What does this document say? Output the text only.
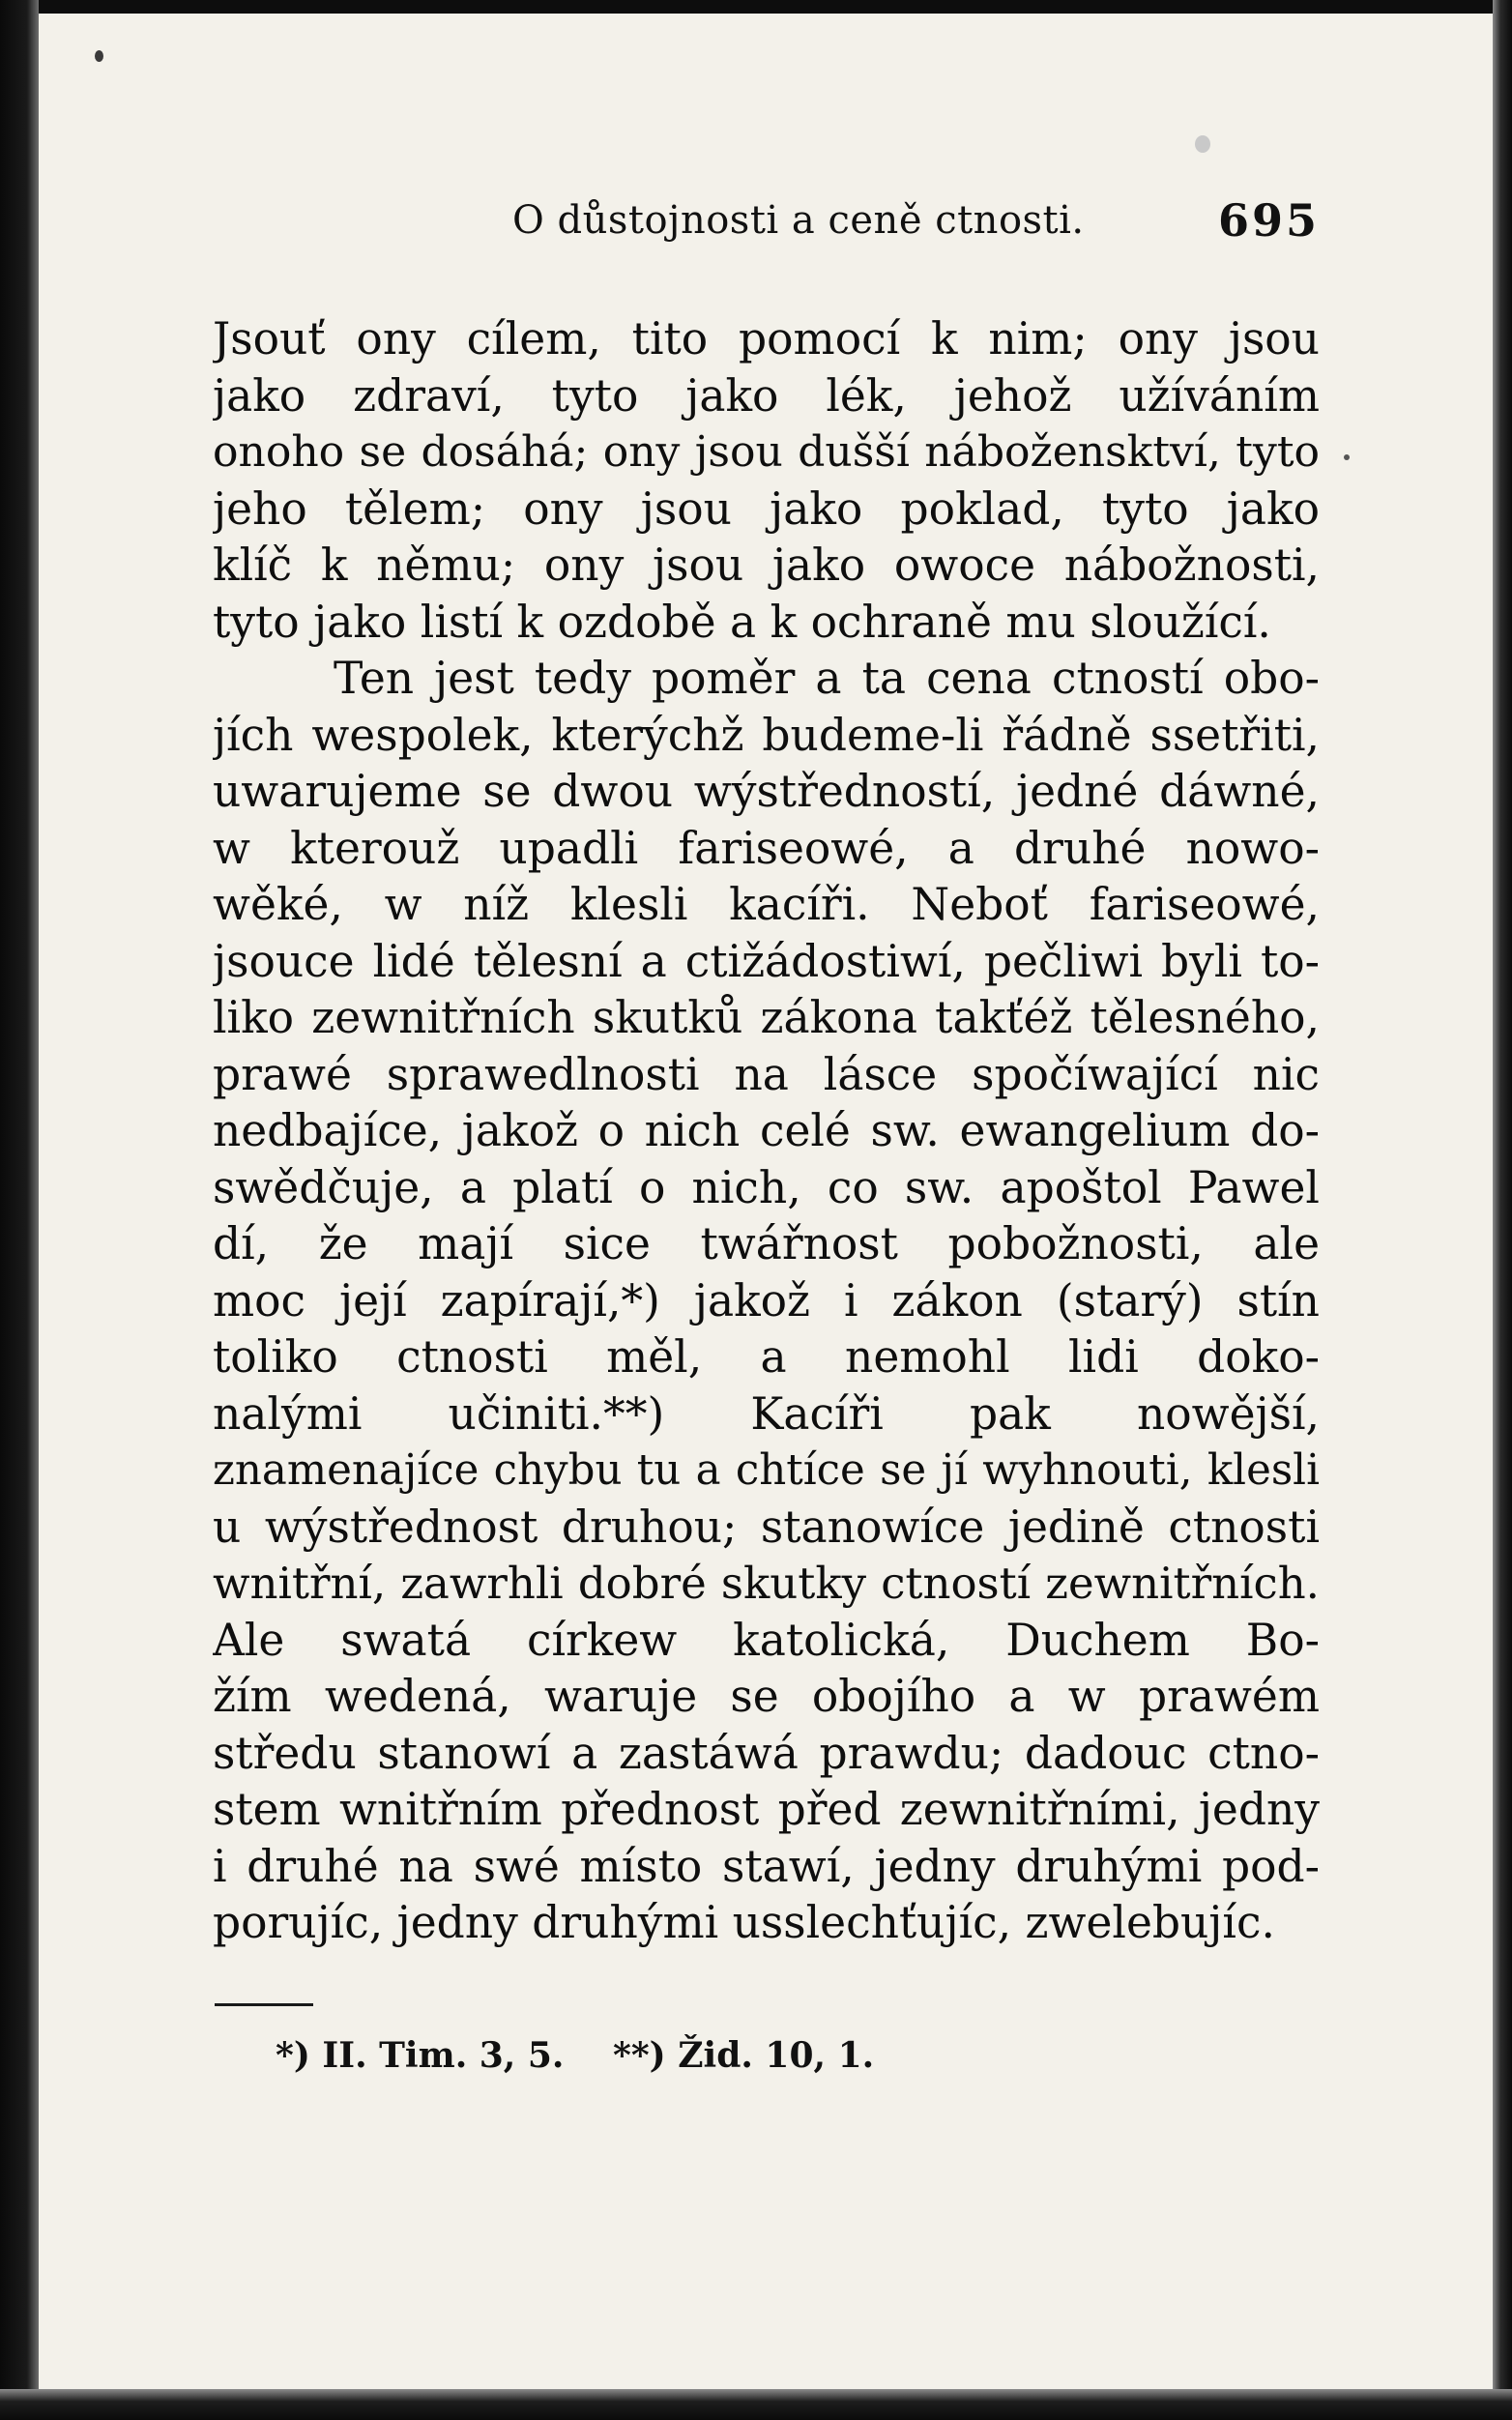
O důstojnosti a ceně ctnosti.	695
Jsouť ony cílem, tito pomocí k nim; ony jsou
jako zdraví, tyto jako lék, jehož užíváním
onoho se dosáhá; ony jsou dušší nábožensktví, tyto
jeho tělem; ony jsou jako poklad, tyto jako
klíč k němu; ony jsou jako owoce nábožnosti,
tyto jako listí k ozdobě a k ochraně mu sloužící.
Ten jest tedy poměr a ta cena ctností obo-
jích wespolek, kterýchž budeme-li řádně ssetřiti,
uwarujeme se dwou wýstředností, jedné dáwné,
w kterouž upadli fariseowé, a druhé nowo-
wěké, w níž klesli kacíři. Neboť fariseowé,
jsouce lidé tělesní a ctižádostiwí, pečliwi byli to-
liko zewnitřních skutků zákona takťéž tělesného,
prawé sprawedlnosti na lásce spočíwající nic
nedbajíce, jakož o nich celé sw. ewangelium do-
swědčuje, a platí o nich, co sw. apoštol Pawel
dí, že mají sice twářnost pobožnosti, ale
moc její zapírají,*) jakož i zákon (starý) stín
toliko ctnosti měl, a nemohl lidi doko-
nalými učiniti.**) Kacíři pak nowější,
znamenajíce chybu tu a chtíce se jí wyhnouti, klesli
u wýstřednost druhou; stanowíce jedině ctnosti
wnitřní, zawrhli dobré skutky ctností zewnitřních.
Ale swatá církew katolická, Duchem Bo-
žím wedená, waruje se obojího a w prawém
středu stanowí a zastáwá prawdu; dadouc ctno-
stem wnitřním přednost před zewnitřními, jedny
i druhé na swé místo stawí, jedny druhými pod-
porujíc, jedny druhými usslechťujíc, zwelebujíc.
*) II. Tim. 3, 5. **) Žid. 10, 1.
